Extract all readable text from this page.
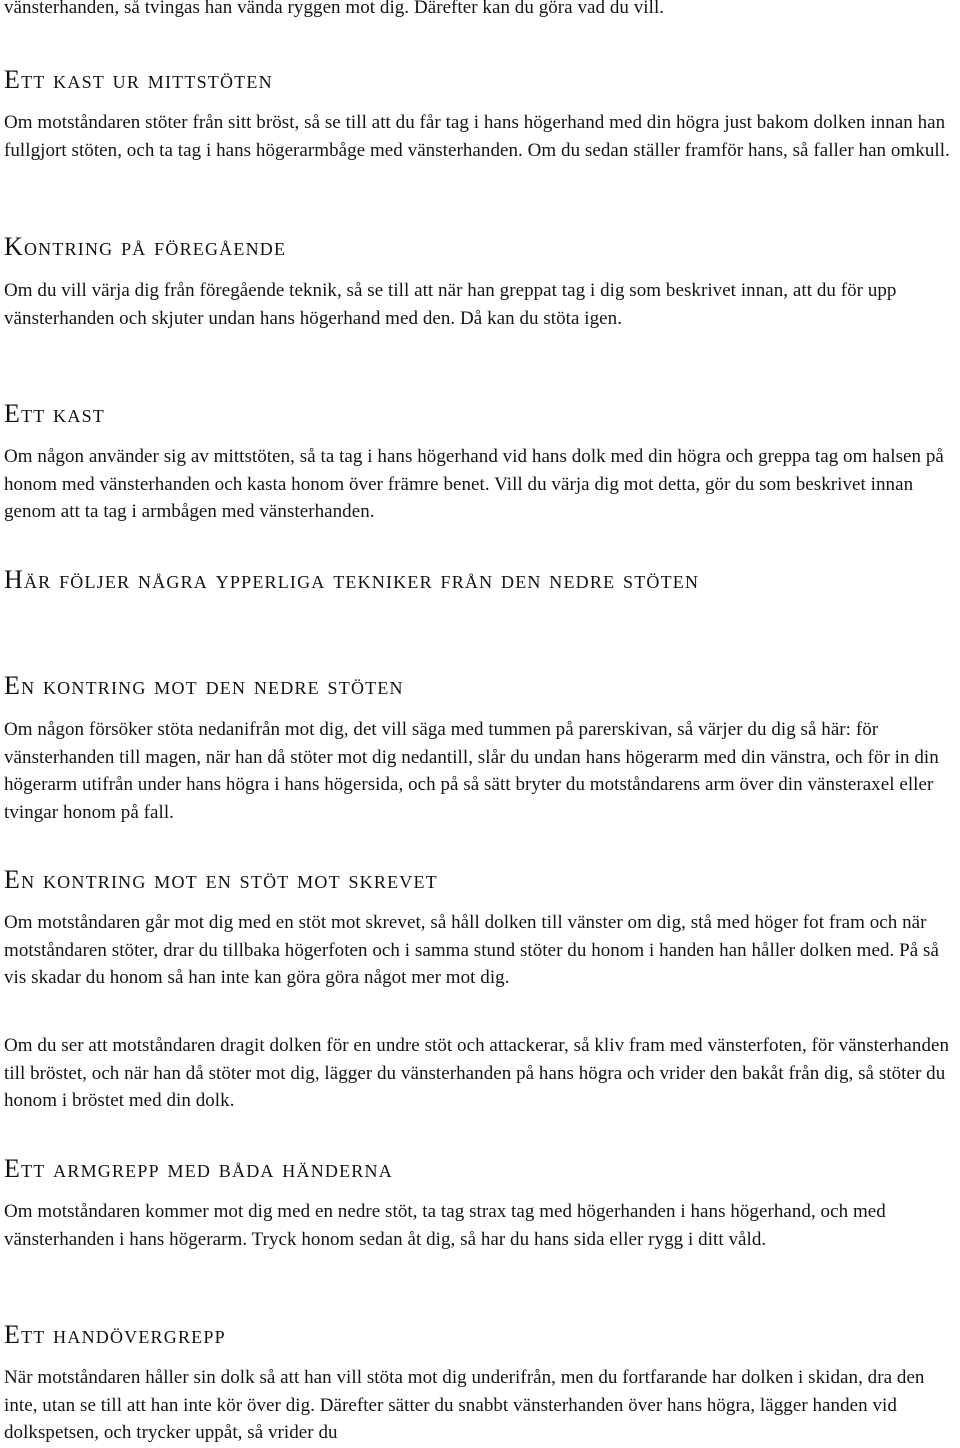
vänsterhanden, så tvingas han vända ryggen mot dig. Därefter kan du göra vad du vill.

Ett kast ur mittstöten

Om motståndaren stöter från sitt bröst, så se till att du får tag i hans högerhand med din högra just bakom dolken innan han fullgjort stöten, och ta tag i hans högerarmbåge med vänsterhanden. Om du sedan ställer framför hans, så faller han omkull.

Kontring på föregående

Om du vill värja dig från föregående teknik, så se till att när han greppat tag i dig som beskrivet innan, att du för upp vänsterhanden och skjuter undan hans högerhand med den. Då kan du stöta igen.

Ett kast

Om någon använder sig av mittstöten, så ta tag i hans högerhand vid hans dolk med din högra och greppa tag om halsen på honom med vänsterhanden och kasta honom över främre benet. Vill du värja dig mot detta, gör du som beskrivet innan genom att ta tag i armbågen med vänsterhanden.

Här följer några ypperliga tekniker från den nedre stöten
En kontring mot den nedre stöten

Om någon försöker stöta nedanifrån mot dig, det vill säga med tummen på parerskivan, så värjer du dig så här: för vänsterhanden till magen, när han då stöter mot dig nedantill, slår du undan hans högerarm med din vänstra, och för in din högerarm utifrån under hans högra i hans högersida, och på så sätt bryter du motståndarens arm över din vänsteraxel eller tvingar honom på fall.

En kontring mot en stöt mot skrevet

Om motståndaren går mot dig med en stöt mot skrevet, så håll dolken till vänster om dig, stå med höger fot fram och när motståndaren stöter, drar du tillbaka högerfoten och i samma stund stöter du honom i handen han håller dolken med. På så vis skadar du honom så han inte kan göra göra något mer mot dig.

Om du ser att motståndaren dragit dolken för en undre stöt och attackerar, så kliv fram med vänsterfoten, för vänsterhanden till bröstet, och när han då stöter mot dig, lägger du vänsterhanden på hans högra och vrider den bakåt från dig, så stöter du honom i bröstet med din dolk.

Ett armgrepp med båda händerna

Om motståndaren kommer mot dig med en nedre stöt, ta tag strax tag med högerhanden i hans högerhand, och med vänsterhanden i hans högerarm. Tryck honom sedan åt dig, så har du hans sida eller rygg i ditt våld.

Ett handövergrepp

När motståndaren håller sin dolk så att han vill stöta mot dig underifrån, men du fortfarande har dolken i skidan, dra den inte, utan se till att han inte kör över dig. Därefter sätter du snabbt vänsterhanden över hans högra, lägger handen vid dolkspetsen, och trycker uppåt, så vrider du
